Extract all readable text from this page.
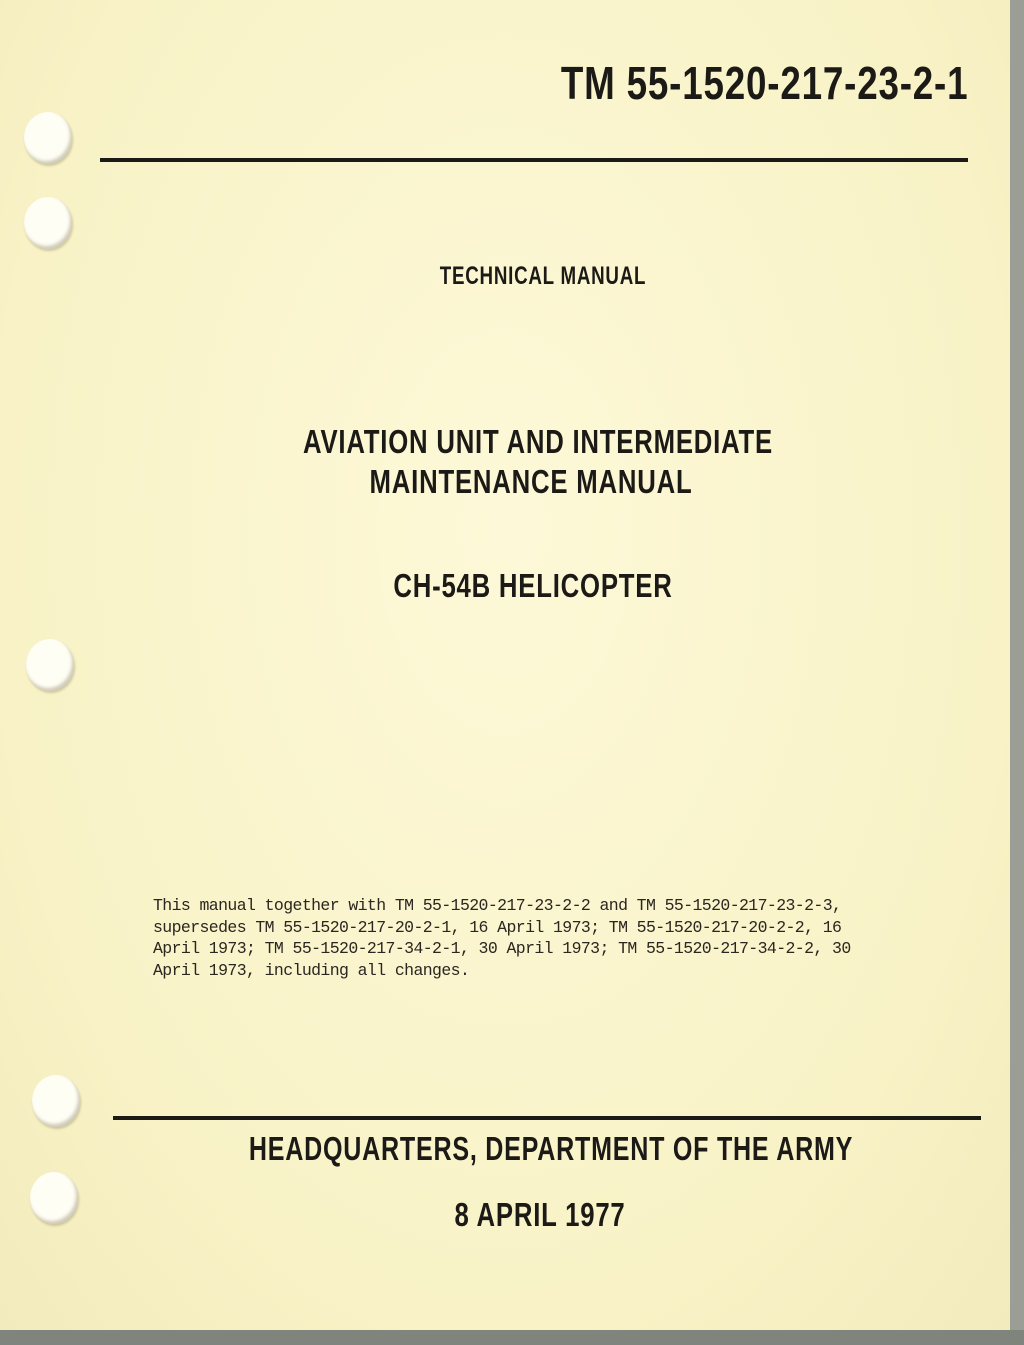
TM 55-1520-217-23-2-1
TECHNICAL MANUAL
AVIATION UNIT AND INTERMEDIATE
MAINTENANCE MANUAL
CH-54B HELICOPTER
This manual together with TM 55-1520-217-23-2-2 and TM 55-1520-217-23-2-3,
supersedes TM 55-1520-217-20-2-1, 16 April 1973; TM 55-1520-217-20-2-2, 16
April 1973; TM 55-1520-217-34-2-1, 30 April 1973; TM 55-1520-217-34-2-2, 30
April 1973, including all changes.
HEADQUARTERS, DEPARTMENT OF THE ARMY
8 APRIL 1977
